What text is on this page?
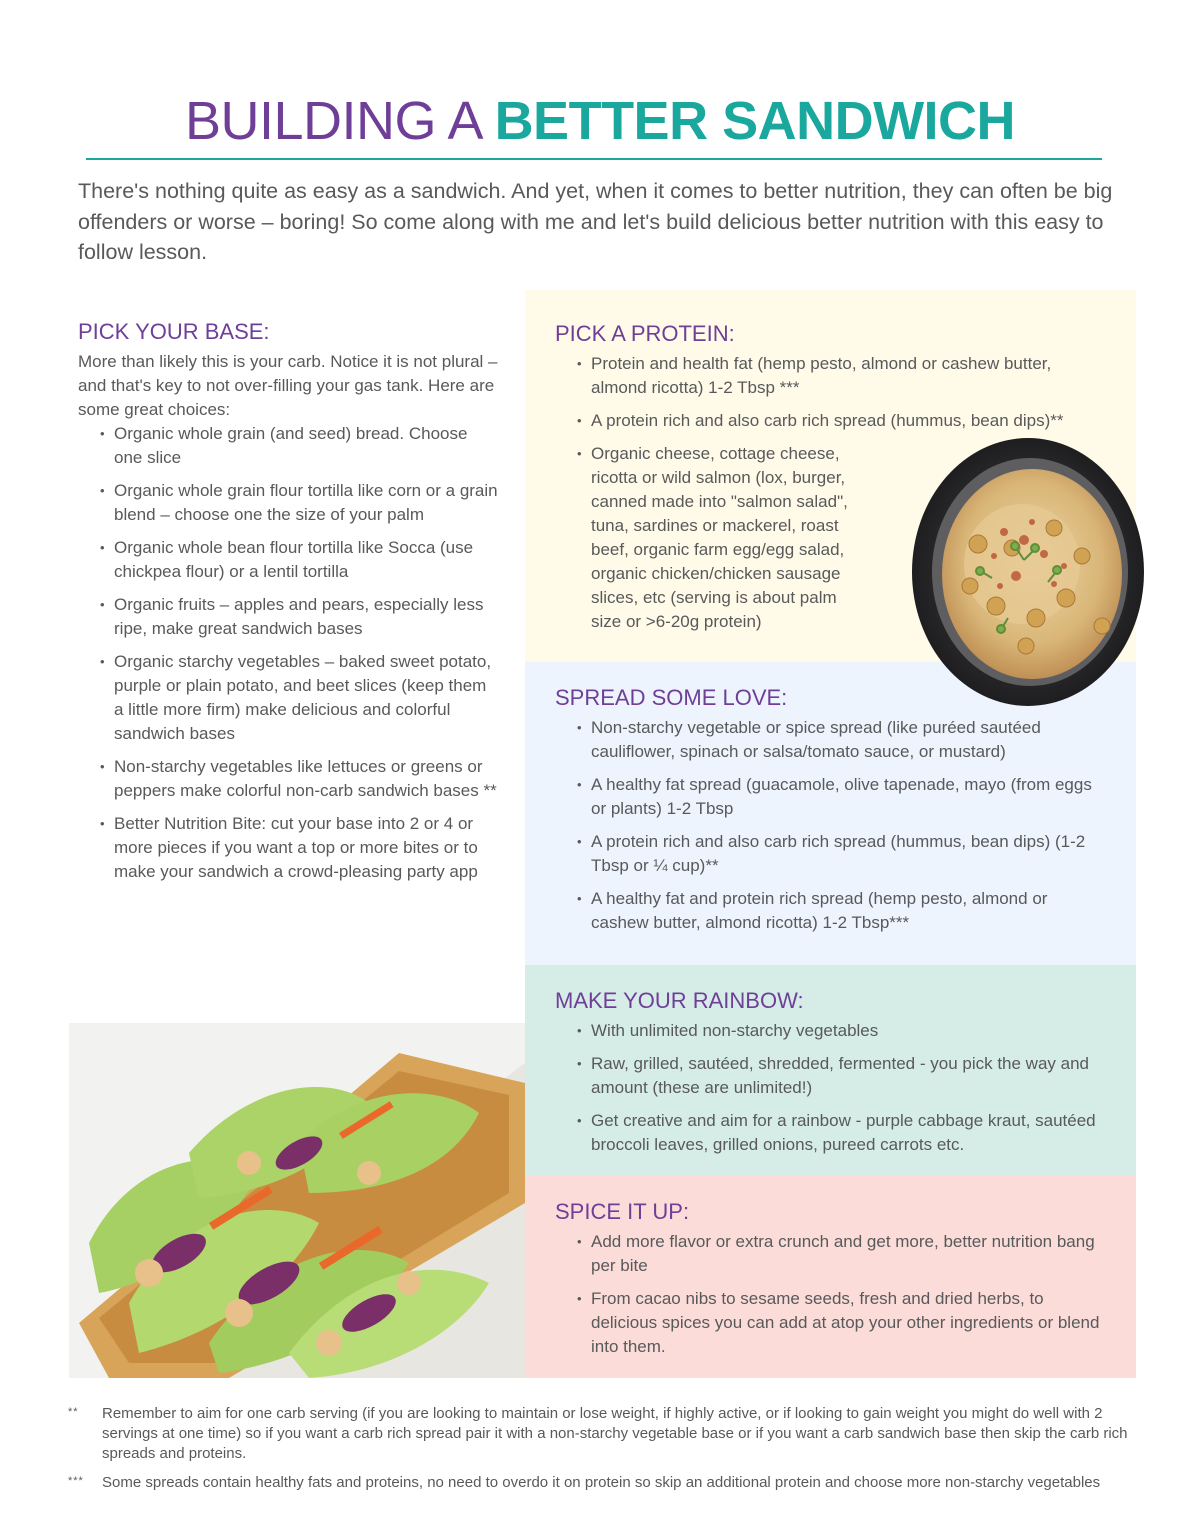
BUILDING A BETTER SANDWICH

There's nothing quite as easy as a sandwich. And yet, when it comes to better nutrition, they can often be big offenders or worse – boring! So come along with me and let's build delicious better nutrition with this easy to follow lesson.

PICK YOUR BASE:

More than likely this is your carb. Notice it is not plural – and that's key to not over-filling your gas tank. Here are some great choices:

• Organic whole grain (and seed) bread. Choose one slice
• Organic whole grain flour tortilla like corn or a grain blend – choose one the size of your palm
• Organic whole bean flour tortilla like Socca (use chickpea flour) or a lentil tortilla
• Organic fruits – apples and pears, especially less ripe, make great sandwich bases
• Organic starchy vegetables – baked sweet potato, purple or plain potato, and beet slices (keep them a little more firm) make delicious and colorful sandwich bases
• Non-starchy vegetables like lettuces or greens or peppers make colorful non-carb sandwich bases **
• Better Nutrition Bite: cut your base into 2 or 4 or more pieces if you want a top or more bites or to make your sandwich a crowd-pleasing party app
PICK A PROTEIN:
• Protein and health fat (hemp pesto, almond or cashew butter, almond ricotta) 1-2 Tbsp ***
• A protein rich and also carb rich spread (hummus, bean dips)**
• Organic cheese, cottage cheese, ricotta or wild salmon (lox, burger, canned made into "salmon salad", tuna, sardines or mackerel, roast beef, organic farm egg/egg salad, organic chicken/chicken sausage slices, etc (serving is about palm size or >6-20g protein)
SPREAD SOME LOVE:
• Non-starchy vegetable or spice spread (like puréed sautéed cauliflower, spinach or salsa/tomato sauce, or mustard)
• A healthy fat spread (guacamole, olive tapenade, mayo (from eggs or plants) 1-2 Tbsp
• A protein rich and also carb rich spread (hummus, bean dips) (1-2 Tbsp or ¼ cup)**
• A healthy fat and protein rich spread (hemp pesto, almond or cashew butter, almond ricotta) 1-2 Tbsp***
MAKE YOUR RAINBOW:
• With unlimited non-starchy vegetables
• Raw, grilled, sautéed, shredded, fermented - you pick the way and amount (these are unlimited!)
• Get creative and aim for a rainbow - purple cabbage kraut, sautéed broccoli leaves, grilled onions, pureed carrots etc.
SPICE IT UP:
• Add more flavor or extra crunch and get more, better nutrition bang per bite
• From cacao nibs to sesame seeds, fresh and dried herbs, to delicious spices you can add at atop your other ingredients or blend into them.
** Remember to aim for one carb serving (if you are looking to maintain or lose weight, if highly active, or if looking to gain weight you might do well with 2 servings at one time) so if you want a carb rich spread pair it with a non-starchy vegetable base or if you want a carb sandwich base then skip the carb rich spreads and proteins.
*** Some spreads contain healthy fats and proteins, no need to overdo it on protein so skip an additional protein and choose more non-starchy vegetables
